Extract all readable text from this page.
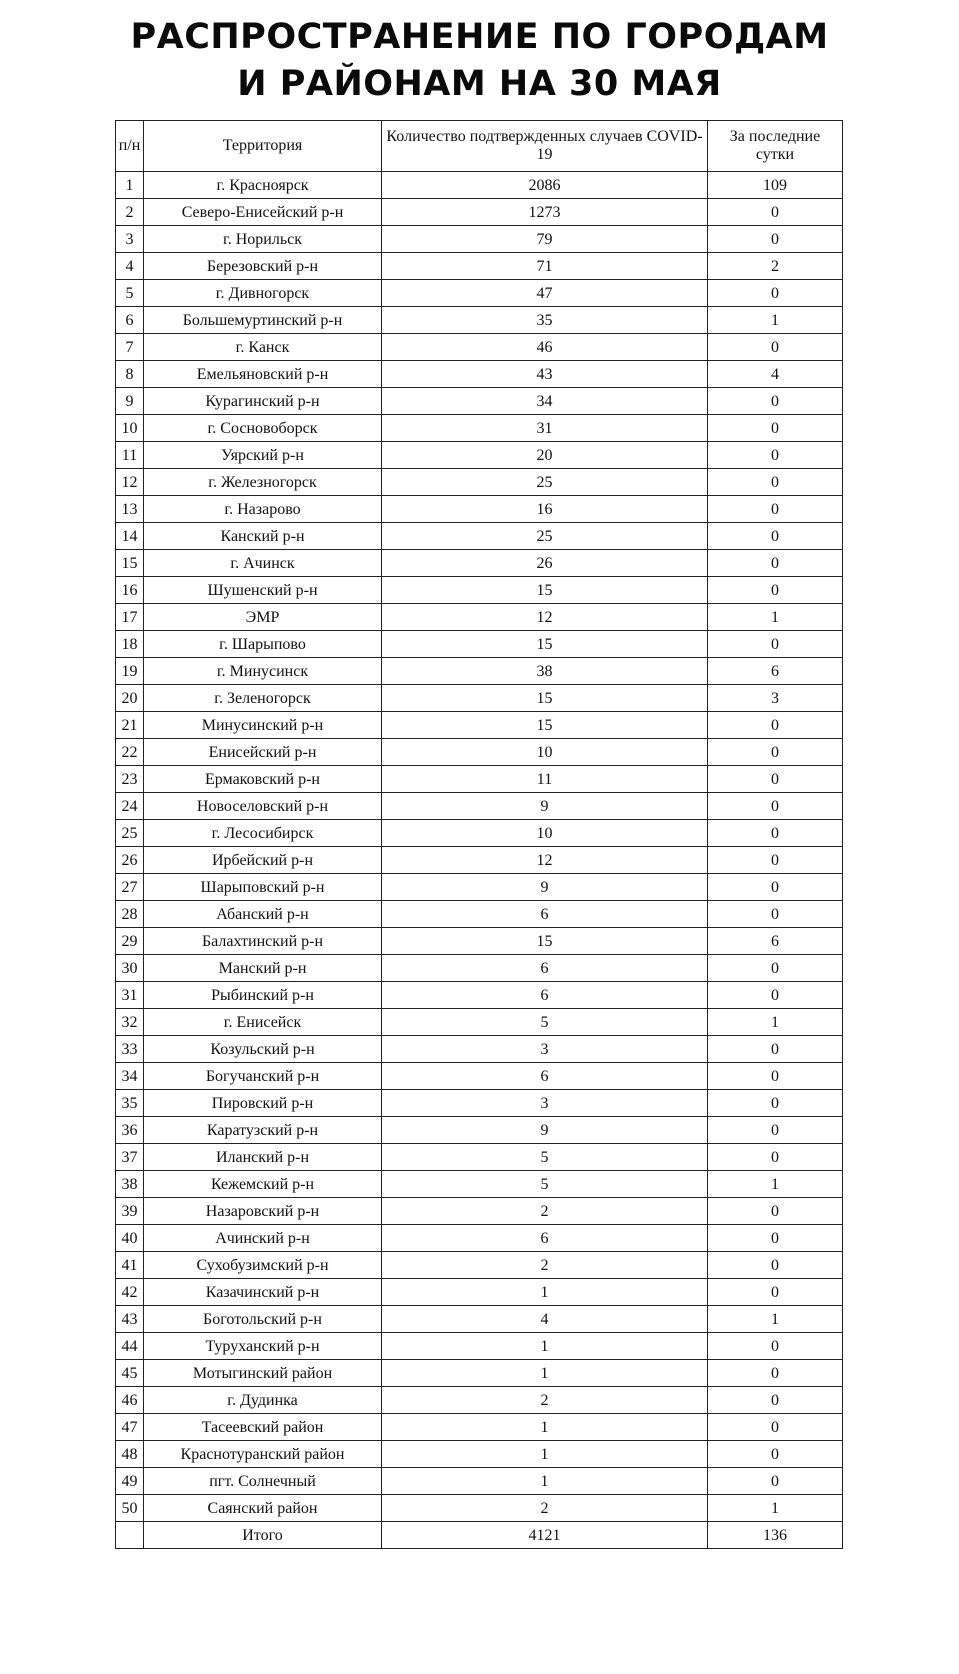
РАСПРОСТРАНЕНИЕ ПО ГОРОДАМ
И РАЙОНАМ НА 30 МАЯ
п/н	Территория	Количество подтвержденных случаев COVID-19	За последние сутки
1	г. Красноярск	2086	109
2	Северо-Енисейский р-н	1273	0
3	г. Норильск	79	0
4	Березовский р-н	71	2
5	г. Дивногорск	47	0
6	Большемуртинский р-н	35	1
7	г. Канск	46	0
8	Емельяновский р-н	43	4
9	Курагинский р-н	34	0
10	г. Сосновоборск	31	0
11	Уярский р-н	20	0
12	г. Железногорск	25	0
13	г. Назарово	16	0
14	Канский р-н	25	0
15	г. Ачинск	26	0
16	Шушенский р-н	15	0
17	ЭМР	12	1
18	г. Шарыпово	15	0
19	г. Минусинск	38	6
20	г. Зеленогорск	15	3
21	Минусинский р-н	15	0
22	Енисейский р-н	10	0
23	Ермаковский р-н	11	0
24	Новоселовский р-н	9	0
25	г. Лесосибирск	10	0
26	Ирбейский р-н	12	0
27	Шарыповский р-н	9	0
28	Абанский р-н	6	0
29	Балахтинский р-н	15	6
30	Манский р-н	6	0
31	Рыбинский р-н	6	0
32	г. Енисейск	5	1
33	Козульский р-н	3	0
34	Богучанский р-н	6	0
35	Пировский р-н	3	0
36	Каратузский р-н	9	0
37	Иланский р-н	5	0
38	Кежемский р-н	5	1
39	Назаровский р-н	2	0
40	Ачинский р-н	6	0
41	Сухобузимский р-н	2	0
42	Казачинский р-н	1	0
43	Боготольский р-н	4	1
44	Туруханский р-н	1	0
45	Мотыгинский район	1	0
46	г. Дудинка	2	0
47	Тасеевский район	1	0
48	Краснотуранский район	1	0
49	пгт. Солнечный	1	0
50	Саянский район	2	1
	Итого	4121	136
